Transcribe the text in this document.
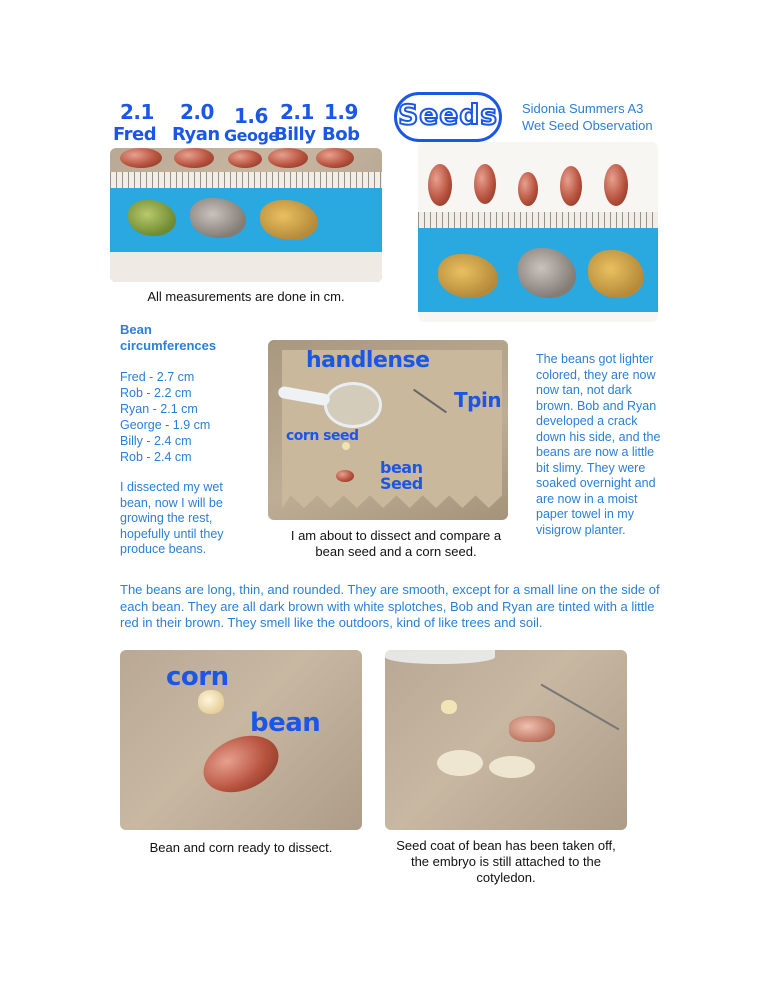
Seeds	Sidonia Summers A3
Wet Seed Observation
2.1 2.0 1.6 2.1 1.9
Fred Ryan Geoge
Billy Bob
All measurements are done in cm.
Bean circumferences
Fred - 2.7 cm
Rob - 2.2 cm
Ryan - 2.1 cm
George - 1.9 cm
Billy - 2.4 cm
Rob - 2.4 cm
I dissected my wet bean, now I will be growing the rest, hopefully until they produce beans.
handlense
Tpin
corn seed
bean Seed
I am about to dissect and compare a bean seed and a corn seed.
The beans got lighter colored, they are now now tan, not dark brown. Bob and Ryan developed a crack down his side, and the beans are now a little bit slimy. They were soaked overnight and are now in a moist paper towel in my visigrow planter.
The beans are long, thin, and rounded. They are smooth, except for a small line on the side of each bean. They are all dark brown with white splotches, Bob and Ryan are tinted with a little red in their brown. They smell like the outdoors, kind of like trees and soil.
corn
bean
Bean and corn ready to dissect.	Seed coat of bean has been taken off, the embryo is still attached to the cotyledon.
